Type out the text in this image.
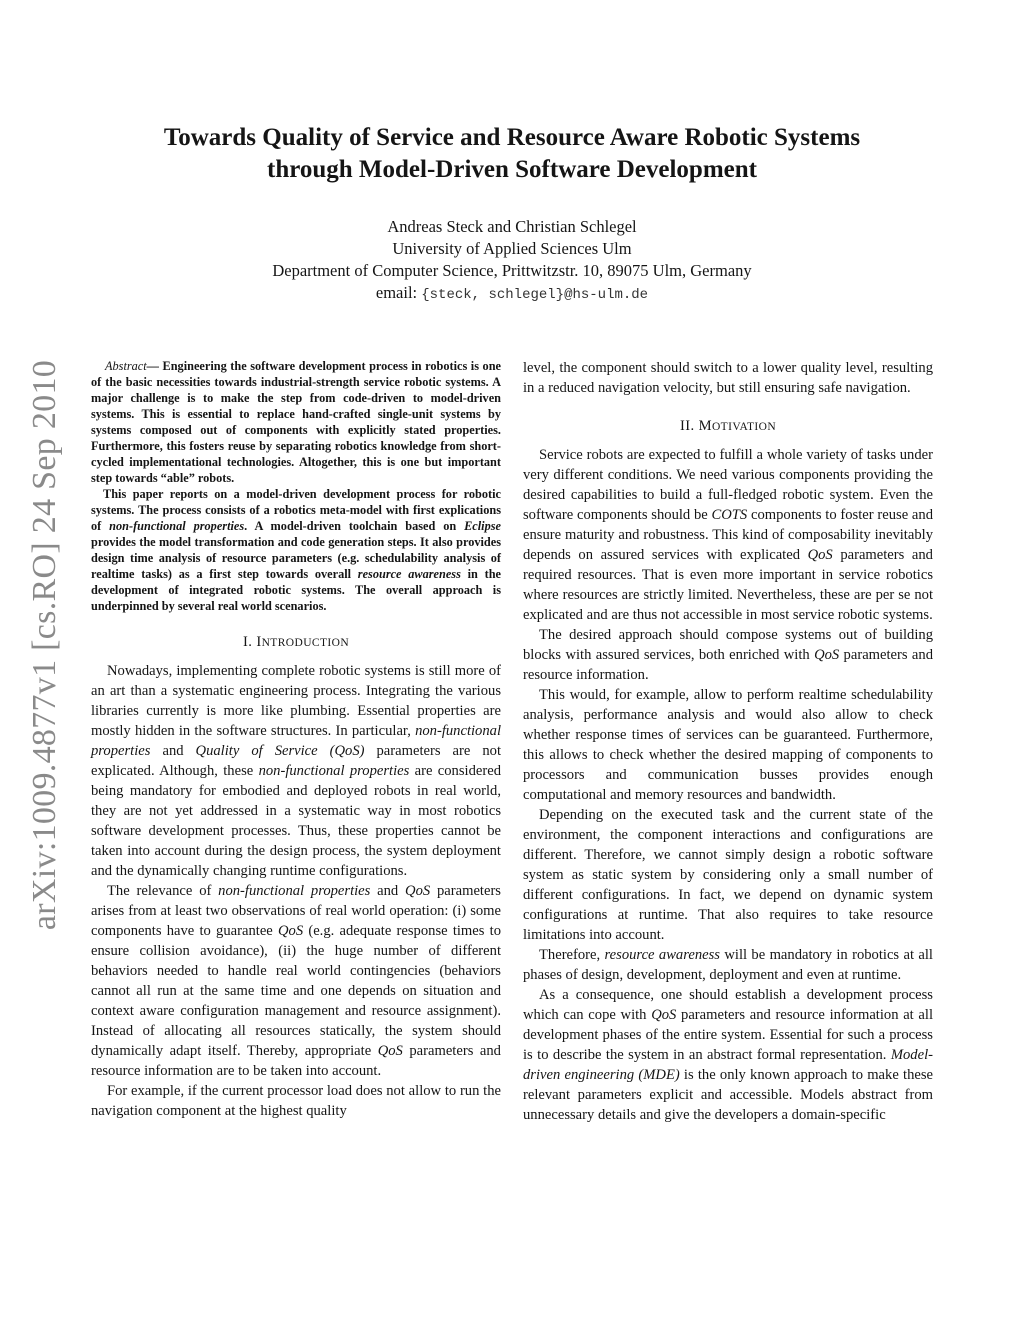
Towards Quality of Service and Resource Aware Robotic Systems
through Model-Driven Software Development
Andreas Steck and Christian Schlegel
University of Applied Sciences Ulm
Department of Computer Science, Prittwitzstr. 10, 89075 Ulm, Germany
email: {steck, schlegel}@hs-ulm.de
arXiv:1009.4877v1 [cs.RO] 24 Sep 2010	Abstract— Engineering the software development process in robotics is one of the basic necessities towards industrial-strength service robotic systems. A major challenge is to make the step from code-driven to model-driven systems. This is essential to replace hand-crafted single-unit systems by systems composed out of components with explicitly stated properties. Furthermore, this fosters reuse by separating robotics knowledge from short-cycled implementational technologies. Altogether, this is one but important step towards “able” robots.

This paper reports on a model-driven development process for robotic systems. The process consists of a robotics meta-model with first explications of non-functional properties. A model-driven toolchain based on Eclipse provides the model transformation and code generation steps. It also provides design time analysis of resource parameters (e.g. schedulability analysis of realtime tasks) as a first step towards overall resource awareness in the development of integrated robotic systems. The overall approach is underpinned by several real world scenarios.

I. INTRODUCTION

Nowadays, implementing complete robotic systems is still more of an art than a systematic engineering process. Integrating the various libraries currently is more like plumbing. Essential properties are mostly hidden in the software structures. In particular, non-functional properties and Quality of Service (QoS) parameters are not explicated. Although, these non-functional properties are considered being mandatory for embodied and deployed robots in real world, they are not yet addressed in a systematic way in most robotics software development processes. Thus, these properties cannot be taken into account during the design process, the system deployment and the dynamically changing runtime configurations.

The relevance of non-functional properties and QoS parameters arises from at least two observations of real world operation: (i) some components have to guarantee QoS (e.g. adequate response times to ensure collision avoidance), (ii) the huge number of different behaviors needed to handle real world contingencies (behaviors cannot all run at the same time and one depends on situation and context aware configuration management and resource assignment). Instead of allocating all resources statically, the system should dynamically adapt itself. Thereby, appropriate QoS parameters and resource information are to be taken into account.

For example, if the current processor load does not allow to run the navigation component at the highest quality

level, the component should switch to a lower quality level, resulting in a reduced navigation velocity, but still ensuring safe navigation.

II. MOTIVATION

Service robots are expected to fulfill a whole variety of tasks under very different conditions. We need various components providing the desired capabilities to build a full-fledged robotic system. Even the software components should be COTS components to foster reuse and ensure maturity and robustness. This kind of composability inevitably depends on assured services with explicated QoS parameters and required resources. That is even more important in service robotics where resources are strictly limited. Nevertheless, these are per se not explicated and are thus not accessible in most service robotic systems.

The desired approach should compose systems out of building blocks with assured services, both enriched with QoS parameters and resource information.

This would, for example, allow to perform realtime schedulability analysis, performance analysis and would also allow to check whether response times of services can be guaranteed. Furthermore, this allows to check whether the desired mapping of components to processors and communication busses provides enough computational and memory resources and bandwidth.

Depending on the executed task and the current state of the environment, the component interactions and configurations are different. Therefore, we cannot simply design a robotic software system as static system by considering only a small number of different configurations. In fact, we depend on dynamic system configurations at runtime. That also requires to take resource limitations into account.

Therefore, resource awareness will be mandatory in robotics at all phases of design, development, deployment and even at runtime.

As a consequence, one should establish a development process which can cope with QoS parameters and resource information at all development phases of the entire system. Essential for such a process is to describe the system in an abstract formal representation. Model-driven engineering (MDE) is the only known approach to make these relevant parameters explicit and accessible. Models abstract from unnecessary details and give the developers a domain-specific
